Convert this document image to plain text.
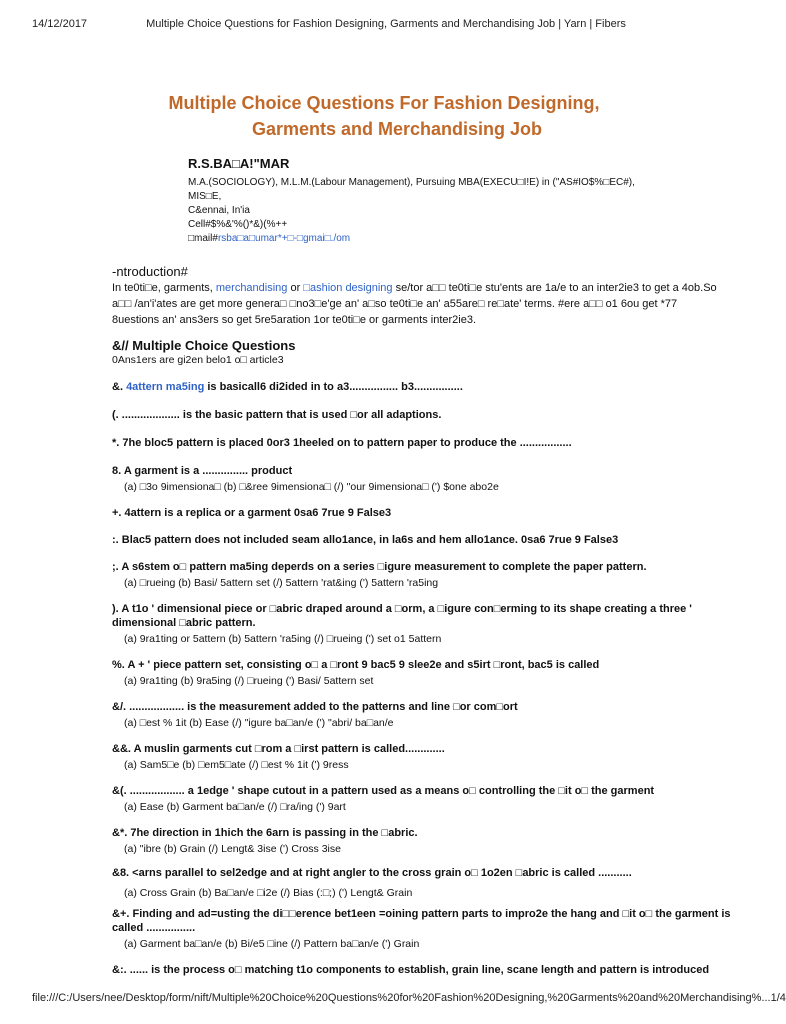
14/12/2017	Multiple Choice Questions for Fashion Designing, Garments and Merchandising Job | Yarn | Fibers
Multiple Choice Questions For Fashion Designing,
Garments and Merchandising Job
R.S.BA□A!"MAR
M.A.(SOCIOLOGY), M.L.M.(Labour Management), Pursuing MBA(EXECU□I!E) in ("AS#IO$%□EC#),
MIS□E,
C&ennai, In'ia
Cell#$%&'%()*&)(%++
□mail#rsba□a□umar*+□-□gmai□./om
-ntroduction#
In te0ti□e, garments, merchandising or □ashion designing se/tor a□□ te0ti□e stu'ents are 1a/e to an inter2ie3 to get a 4ob.So a□□ /an'i'ates are get more genera□ □no3□e'ge an' a□so te0ti□e an' a55are□ re□ate' terms. #ere a□□ o1 6ou get *77 8uestions an' ans3ers so get 5re5aration 1or te0ti□e or garments inter2ie3.
&// Multiple Choice Questions
0Ans1ers are gi2en belo1 o□ article3
&. 4attern ma5ing is basicall6 di2ided in to a3................ b3................
(. ................... is the basic pattern that is used □or all adaptions.
*. 7he bloc5 pattern is placed 0or3 1heeled on to pattern paper to produce the .................
8. A garment is a ............... product
(a) □3o 9imensiona□ (b) □&ree 9imensiona□ (/) "our 9imensiona□ (') $one abo2e
+. 4attern is a replica or a garment 0sa6 7rue 9 False3
:. Blac5 pattern does not included seam allo1ance, in la6s and hem allo1ance. 0sa6 7rue 9 False3
;. A s6stem o□ pattern ma5ing deperds on a series □igure measurement to complete the paper pattern.
(a) □rueing (b) Basi/ 5attern set (/) 5attern 'rat&ing (') 5attern 'ra5ing
). A t1o ' dimensional piece or □abric draped around a □orm, a □igure con□erming to its shape creating a three ' dimensional □abric pattern.
(a) 9ra1ting or 5attern (b) 5attern 'ra5ing (/) □rueing (') set o1 5attern
%. A + ' piece pattern set, consisting o□ a □ront 9 bac5 9 slee2e and s5irt □ront, bac5 is called
(a) 9ra1ting (b) 9ra5ing (/) □rueing (') Basi/ 5attern set
&/. .................. is the measurement added to the patterns and line □or com□ort
(a) □est % 1it (b) Ease (/) "igure ba□an/e (') "abri/ ba□an/e
&&. A muslin garments cut □rom a □irst pattern is called.............
(a) Sam5□e (b) □em5□ate (/) □est % 1it (') 9ress
&(. .................. a 1edge ' shape cutout in a pattern used as a means o□ controlling the □it o□ the garment
(a) Ease (b) Garment ba□an/e (/) □ra/ing (') 9art
&*. 7he direction in 1hich the 6arn is passing in the □abric.
(a) "ibre (b) Grain (/) Lengt& 3ise (') Cross 3ise
&8. <arns parallel to sel2edge and at right angler to the cross grain o□ 1o2en □abric is called ...........
(a) Cross Grain (b) Ba□an/e □i2e (/) Bias (:□;) (') Lengt& Grain
&+. Finding and ad=usting the di□□erence bet1een =oining pattern parts to impro2e the hang and □it o□ the garment is called ................
(a) Garment ba□an/e (b) Bi/e5 □ine (/) Pattern ba□an/e (') Grain
&:. ...... is the process o□ matching t1o components to establish, grain line, scane length and pattern is introduced
file:///C:/Users/nee/Desktop/form/nift/Multiple%20Choice%20Questions%20for%20Fashion%20Designing,%20Garments%20and%20Merchandising%... 1/4
